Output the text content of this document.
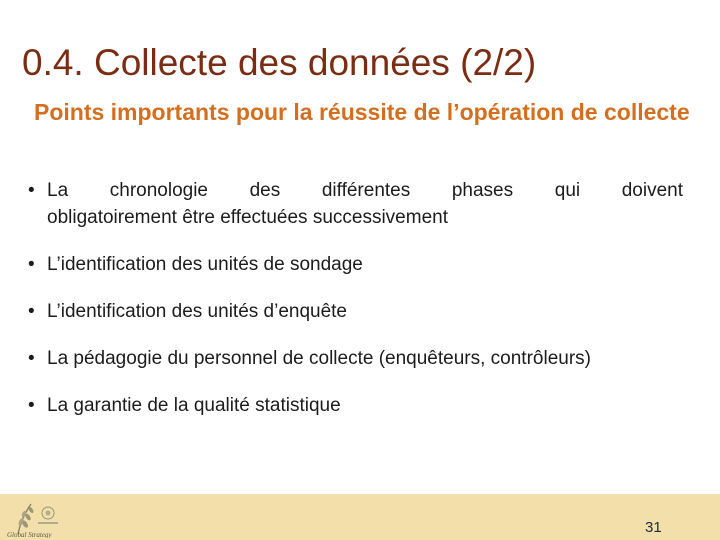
0.4. Collecte des données (2/2)
Points importants pour la réussite de l’opération de collecte
• La chronologie des différentes phases qui doivent
obligatoirement être effectuées successivement
• L’identification des unités de sondage
• L’identification des unités d’enquête
• La pédagogie du personnel de collecte (enquêteurs, contrôleurs)
• La garantie de la qualité statistique
Global Strategy	31
